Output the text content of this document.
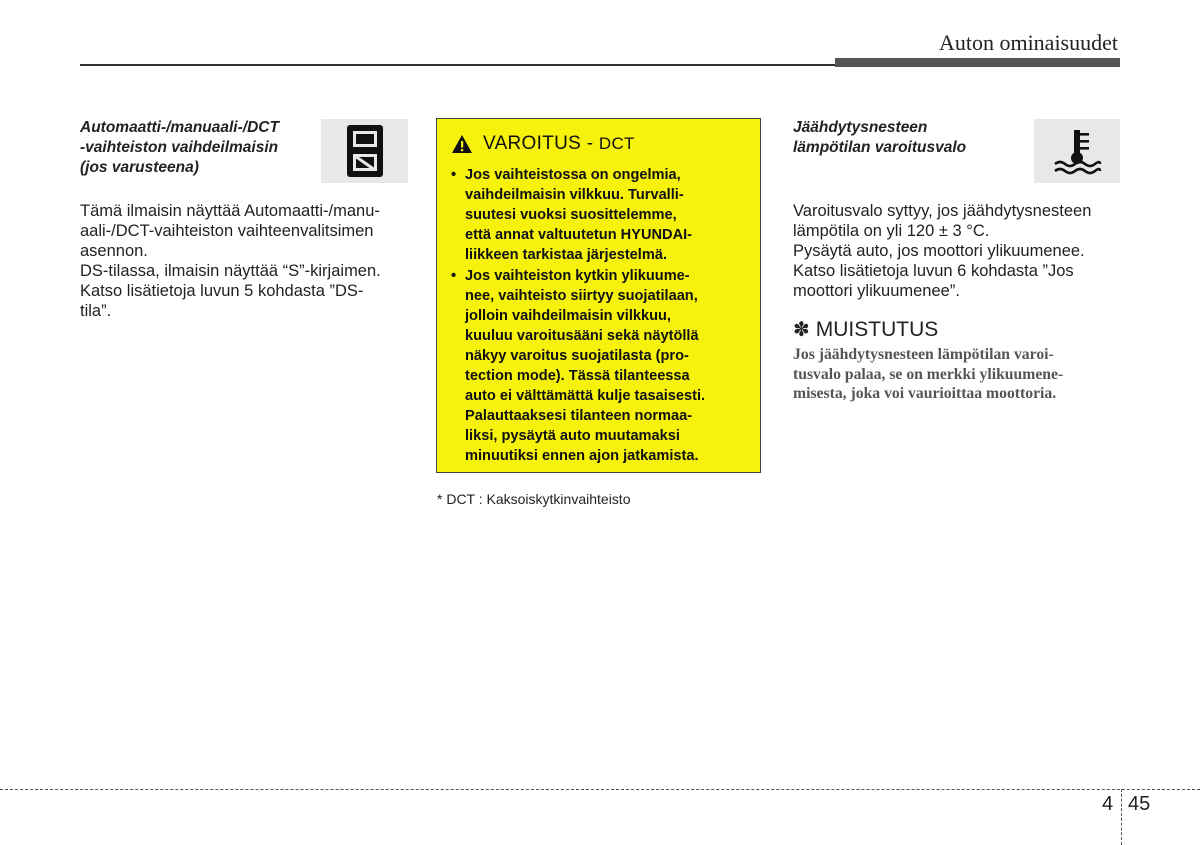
Auton ominaisuudet
Automaatti-/manuaali-/DCT
-vaihteiston vaihdeilmaisin
(jos varusteena)
Tämä ilmaisin näyttää Automaatti-/manu-
aali-/DCT-vaihteiston vaihteenvalitsimen
asennon.
DS-tilassa, ilmaisin näyttää “S”-kirjaimen.
Katso lisätietoja luvun 5 kohdasta ”DS-
tila”.
VAROITUS - DCT
• Jos vaihteistossa on ongelmia,
vaihdeilmaisin vilkkuu. Turvalli-
suutesi vuoksi suosittelemme,
että annat valtuutetun HYUNDAI-
liikkeen tarkistaa järjestelmä.
• Jos vaihteiston kytkin ylikuume-
nee, vaihteisto siirtyy suojatilaan,
jolloin vaihdeilmaisin vilkkuu,
kuuluu varoitusääni sekä näytöllä
näkyy varoitus suojatilasta (pro-
tection mode). Tässä tilanteessa
auto ei välttämättä kulje tasaisesti.
Palauttaaksesi tilanteen normaa-
liksi, pysäytä auto muutamaksi
minuutiksi ennen ajon jatkamista.
* DCT : Kaksoiskytkinvaihteisto
Jäähdytysnesteen
lämpötilan varoitusvalo
Varoitusvalo syttyy, jos jäähdytysnesteen
lämpötila on yli 120 ± 3 °C.
Pysäytä auto, jos moottori ylikuumenee.
Katso lisätietoja luvun 6 kohdasta ”Jos
moottori ylikuumenee”.
✽ MUISTUTUS
Jos jäähdytysnesteen lämpötilan varoi-
tusvalo palaa, se on merkki ylikuumene-
misesta, joka voi vaurioittaa moottoria.
4 45
